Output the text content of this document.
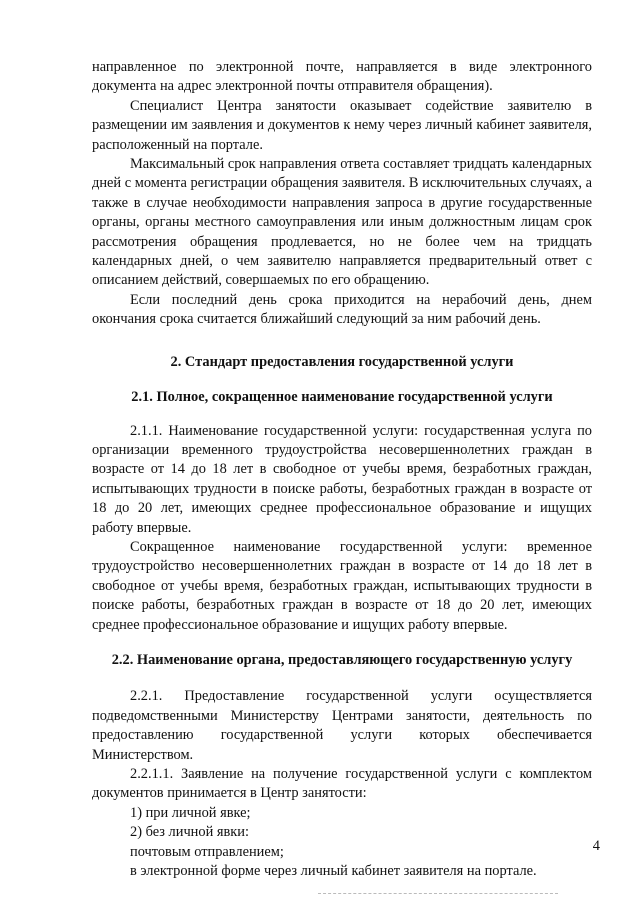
направленное по электронной почте, направляется в виде электронного документа на адрес электронной почты отправителя обращения).

Специалист Центра занятости оказывает содействие заявителю в размещении им заявления и документов к нему через личный кабинет заявителя, расположенный на портале.

Максимальный срок направления ответа составляет тридцать календарных дней с момента регистрации обращения заявителя. В исключительных случаях, а также в случае необходимости направления запроса в другие государственные органы, органы местного самоуправления или иным должностным лицам срок рассмотрения обращения продлевается, но не более чем на тридцать календарных дней, о чем заявителю направляется предварительный ответ с описанием действий, совершаемых по его обращению.

Если последний день срока приходится на нерабочий день, днем окончания срока считается ближайший следующий за ним рабочий день.

2. Стандарт предоставления государственной услуги

2.1. Полное, сокращенное наименование государственной услуги

2.1.1. Наименование государственной услуги: государственная услуга по организации временного трудоустройства несовершеннолетних граждан в возрасте от 14 до 18 лет в свободное от учебы время, безработных граждан, испытывающих трудности в поиске работы, безработных граждан в возрасте от 18 до 20 лет, имеющих среднее профессиональное образование и ищущих работу впервые.

Сокращенное наименование государственной услуги: временное трудоустройство несовершеннолетних граждан в возрасте от 14 до 18 лет в свободное от учебы время, безработных граждан, испытывающих трудности в поиске работы, безработных граждан в возрасте от 18 до 20 лет, имеющих среднее профессиональное образование и ищущих работу впервые.

2.2. Наименование органа, предоставляющего государственную услугу

2.2.1. Предоставление государственной услуги осуществляется подведомственными Министерству Центрами занятости, деятельность по предоставлению государственной услуги которых обеспечивается Министерством.

2.2.1.1. Заявление на получение государственной услуги с комплектом документов принимается в Центр занятости:

1) при личной явке;

2) без личной явки:

почтовым отправлением;

в электронной форме через личный кабинет заявителя на портале.

4
